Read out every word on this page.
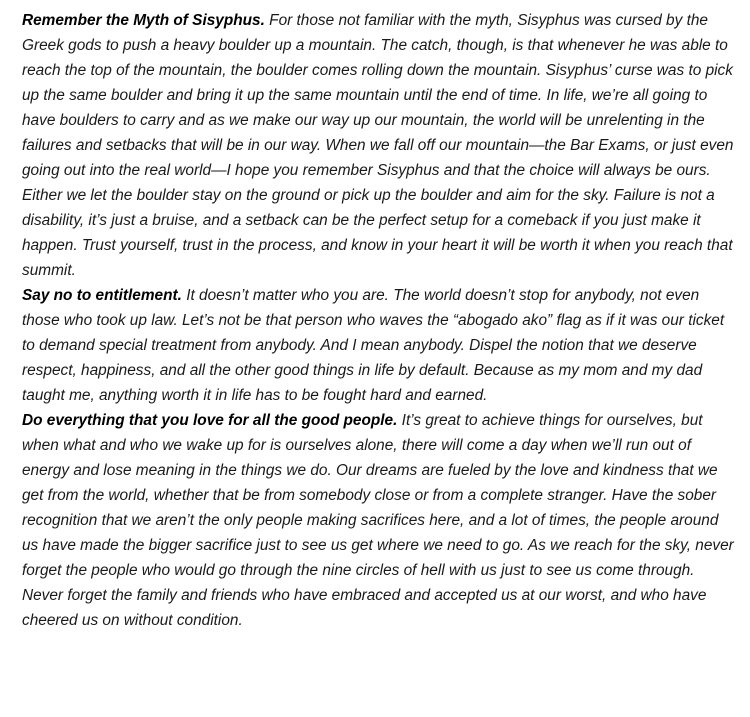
Remember the Myth of Sisyphus. For those not familiar with the myth, Sisyphus was cursed by the Greek gods to push a heavy boulder up a mountain. The catch, though, is that whenever he was able to reach the top of the mountain, the boulder comes rolling down the mountain. Sisyphus’ curse was to pick up the same boulder and bring it up the same mountain until the end of time. In life, we’re all going to have boulders to carry and as we make our way up our mountain, the world will be unrelenting in the failures and setbacks that will be in our way. When we fall off our mountain—the Bar Exams, or just even going out into the real world—I hope you remember Sisyphus and that the choice will always be ours. Either we let the boulder stay on the ground or pick up the boulder and aim for the sky. Failure is not a disability, it’s just a bruise, and a setback can be the perfect setup for a comeback if you just make it happen. Trust yourself, trust in the process, and know in your heart it will be worth it when you reach that summit.

Say no to entitlement. It doesn’t matter who you are. The world doesn’t stop for anybody, not even those who took up law. Let’s not be that person who waves the “abogado ako” flag as if it was our ticket to demand special treatment from anybody. And I mean anybody. Dispel the notion that we deserve respect, happiness, and all the other good things in life by default. Because as my mom and my dad taught me, anything worth it in life has to be fought hard and earned.

Do everything that you love for all the good people. It’s great to achieve things for ourselves, but when what and who we wake up for is ourselves alone, there will come a day when we’ll run out of energy and lose meaning in the things we do. Our dreams are fueled by the love and kindness that we get from the world, whether that be from somebody close or from a complete stranger. Have the sober recognition that we aren’t the only people making sacrifices here, and a lot of times, the people around us have made the bigger sacrifice just to see us get where we need to go. As we reach for the sky, never forget the people who would go through the nine circles of hell with us just to see us come through. Never forget the family and friends who have embraced and accepted us at our worst, and who have cheered us on without condition.
